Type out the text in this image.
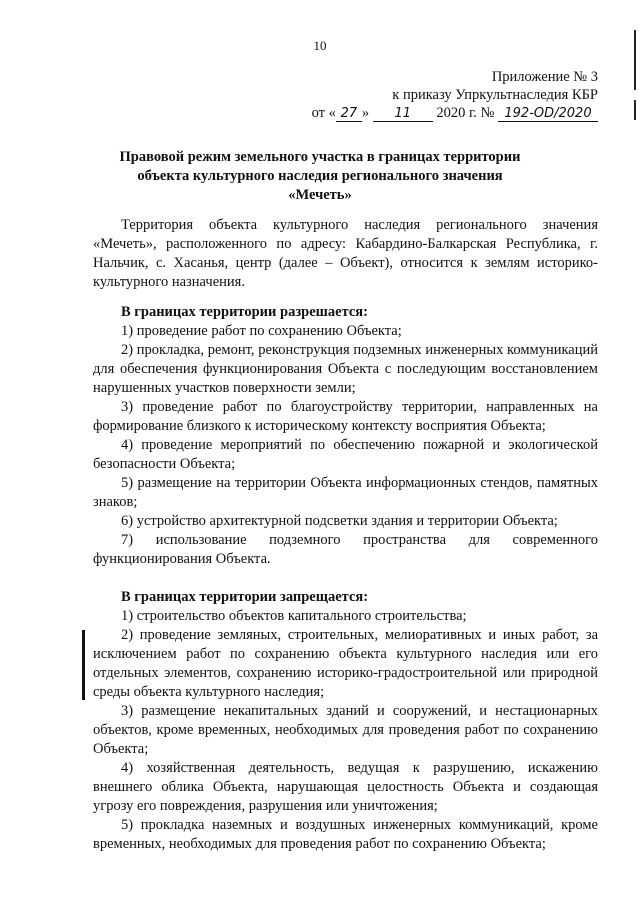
10
Приложение № 3
к приказу Упркультнаследия КБР
от « 27 » 11 2020 г. № 192-OD/2020
Правовой режим земельного участка в границах территории
объекта культурного наследия регионального значения
«Мечеть»

Территория объекта культурного наследия регионального значения «Мечеть», расположенного по адресу: Кабардино-Балкарская Республика, г. Нальчик, с. Хасанья, центр (далее – Объект), относится к землям историко-культурного назначения.

В границах территории разрешается:

1) проведение работ по сохранению Объекта;

2) прокладка, ремонт, реконструкция подземных инженерных коммуникаций для обеспечения функционирования Объекта с последующим восстановлением нарушенных участков поверхности земли;

3) проведение работ по благоустройству территории, направленных на формирование близкого к историческому контексту восприятия Объекта;

4) проведение мероприятий по обеспечению пожарной и экологической безопасности Объекта;

5) размещение на территории Объекта информационных стендов, памятных знаков;

6) устройство архитектурной подсветки здания и территории Объекта;

7) использование подземного пространства для современного функционирования Объекта.

В границах территории запрещается:

1) строительство объектов капитального строительства;

2) проведение земляных, строительных, мелиоративных и иных работ, за исключением работ по сохранению объекта культурного наследия или его отдельных элементов, сохранению историко-градостроительной или природной среды объекта культурного наследия;

3) размещение некапитальных зданий и сооружений, и нестационарных объектов, кроме временных, необходимых для проведения работ по сохранению Объекта;

4) хозяйственная деятельность, ведущая к разрушению, искажению внешнего облика Объекта, нарушающая целостность Объекта и создающая угрозу его повреждения, разрушения или уничтожения;

5) прокладка наземных и воздушных инженерных коммуникаций, кроме временных, необходимых для проведения работ по сохранению Объекта;
